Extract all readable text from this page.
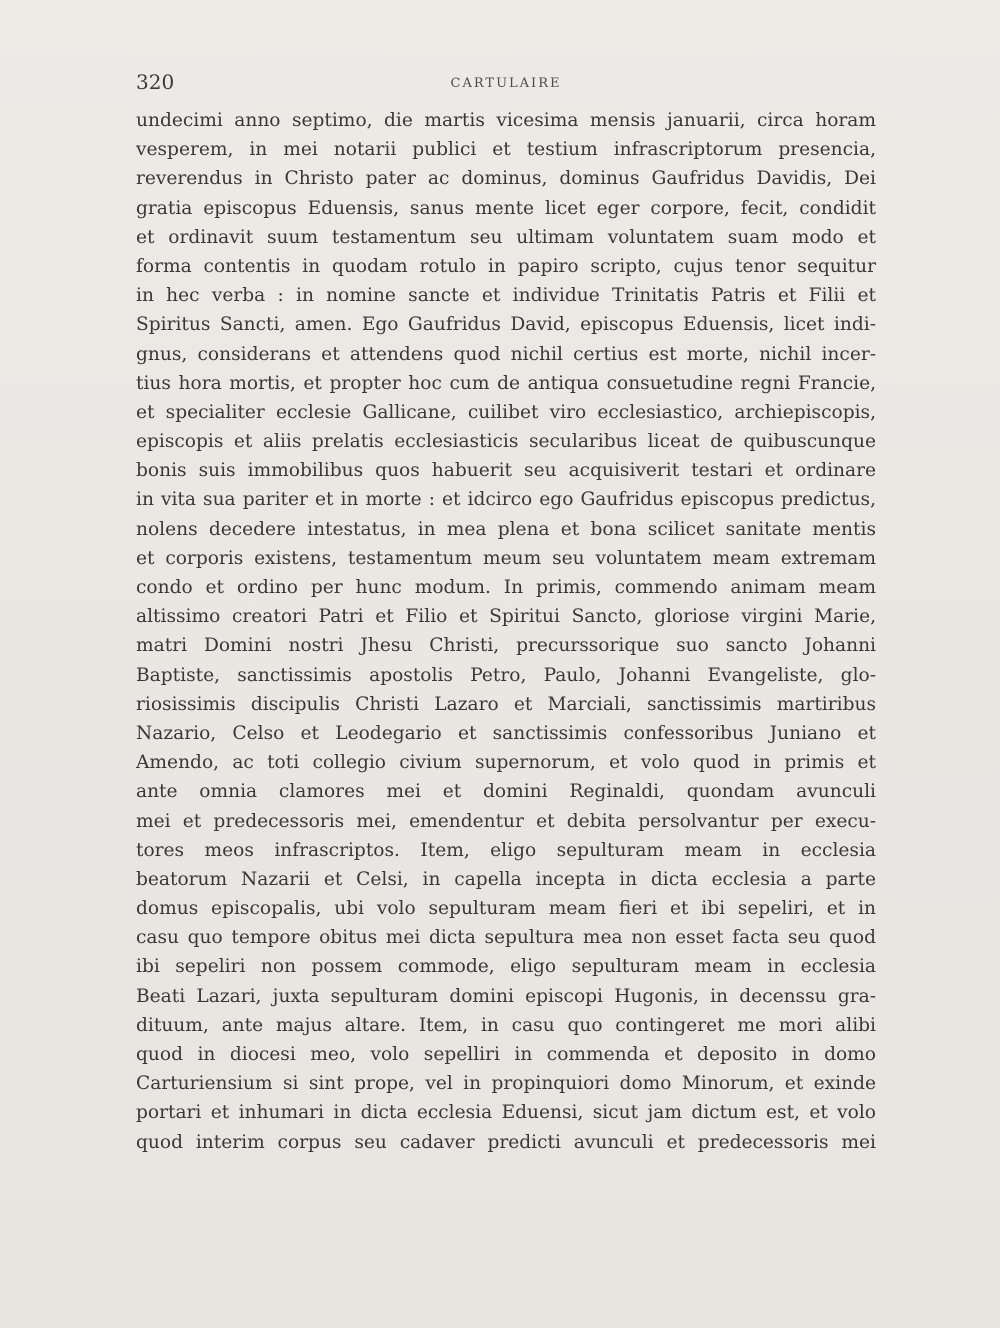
320	CARTULAIRE
undecimi anno septimo, die martis vicesima mensis januarii, circa horam
vesperem, in mei notarii publici et testium infrascriptorum presencia,
reverendus in Christo pater ac dominus, dominus Gaufridus Davidis, Dei
gratia episcopus Eduensis, sanus mente licet eger corpore, fecit, condidit
et ordinavit suum testamentum seu ultimam voluntatem suam modo et
forma contentis in quodam rotulo in papiro scripto, cujus tenor sequitur
in hec verba : in nomine sancte et individue Trinitatis Patris et Filii et
Spiritus Sancti, amen. Ego Gaufridus David, episcopus Eduensis, licet indi-
gnus, considerans et attendens quod nichil certius est morte, nichil incer-
tius hora mortis, et propter hoc cum de antiqua consuetudine regni Francie,
et specialiter ecclesie Gallicane, cuilibet viro ecclesiastico, archiepiscopis,
episcopis et aliis prelatis ecclesiasticis secularibus liceat de quibuscunque
bonis suis immobilibus quos habuerit seu acquisiverit testari et ordinare
in vita sua pariter et in morte : et idcirco ego Gaufridus episcopus predictus,
nolens decedere intestatus, in mea plena et bona scilicet sanitate mentis
et corporis existens, testamentum meum seu voluntatem meam extremam
condo et ordino per hunc modum. In primis, commendo animam meam
altissimo creatori Patri et Filio et Spiritui Sancto, gloriose virgini Marie,
matri Domini nostri Jhesu Christi, precurssorique suo sancto Johanni
Baptiste, sanctissimis apostolis Petro, Paulo, Johanni Evangeliste, glo-
riosissimis discipulis Christi Lazaro et Marciali, sanctissimis martiribus
Nazario, Celso et Leodegario et sanctissimis confessoribus Juniano et
Amendo, ac toti collegio civium supernorum, et volo quod in primis et
ante omnia clamores mei et domini Reginaldi, quondam avunculi
mei et predecessoris mei, emendentur et debita persolvantur per execu-
tores meos infrascriptos. Item, eligo sepulturam meam in ecclesia
beatorum Nazarii et Celsi, in capella incepta in dicta ecclesia a parte
domus episcopalis, ubi volo sepulturam meam fieri et ibi sepeliri, et in
casu quo tempore obitus mei dicta sepultura mea non esset facta seu quod
ibi sepeliri non possem commode, eligo sepulturam meam in ecclesia
Beati Lazari, juxta sepulturam domini episcopi Hugonis, in decenssu gra-
dituum, ante majus altare. Item, in casu quo contingeret me mori alibi
quod in diocesi meo, volo sepelliri in commenda et deposito in domo
Carturiensium si sint prope, vel in propinquiori domo Minorum, et exinde
portari et inhumari in dicta ecclesia Eduensi, sicut jam dictum est, et volo
quod interim corpus seu cadaver predicti avunculi et predecessoris mei
